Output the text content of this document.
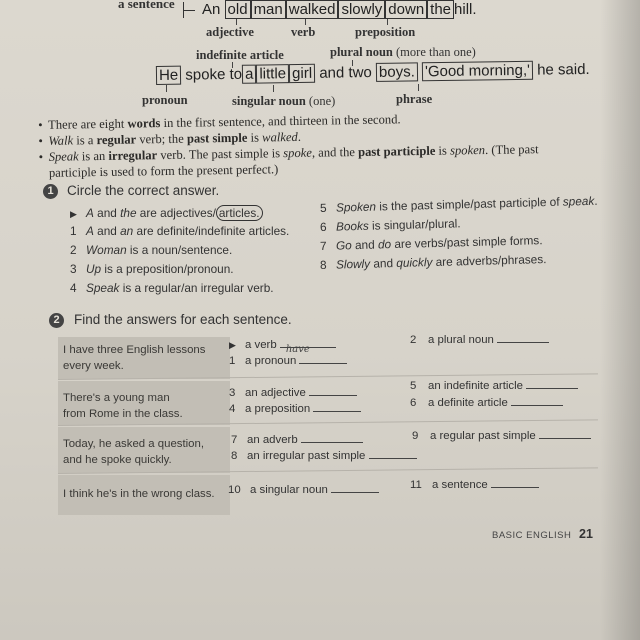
a sentence An old man walked slowly down the hill.
adjective	verb	preposition
indefinite article	plural noun (more than one)
He spoke to a little girl and two boys. 'Good morning,' he said.
pronoun	singular noun (one)	phrase
• There are eight words in the first sentence, and thirteen in the second.
• Walk is a regular verb; the past simple is walked.
• Speak is an irregular verb. The past simple is spoke, and the past participle is spoken. (The past
participle is used to form the present perfect.)
1 Circle the correct answer.
▶ A and the are adjectives/ articles.
1 A and an are definite/indefinite articles.
2 Woman is a noun/sentence.
3 Up is a preposition/pronoun.
4 Speak is a regular/an irregular verb.
5 Spoken is the past simple/past participle of speak.
6 Books is singular/plural.
7 Go and do are verbs/past simple forms.
8 Slowly and quickly are adverbs/phrases.
2	Find the answers for each sentence.
I have three English lessons
every week.
There's a young man
from Rome in the class.
Today, he asked a question,
and he spoke quickly.
I think he's in the wrong class.
▶ a verb have
1 a pronoun
2 a plural noun
3 an adjective
4 a preposition
5 an indefinite article
6 a definite article
7 an adverb
8 an irregular past simple
9 a regular past simple
10 a singular noun	11 a sentence
BASIC ENGLISH 21
